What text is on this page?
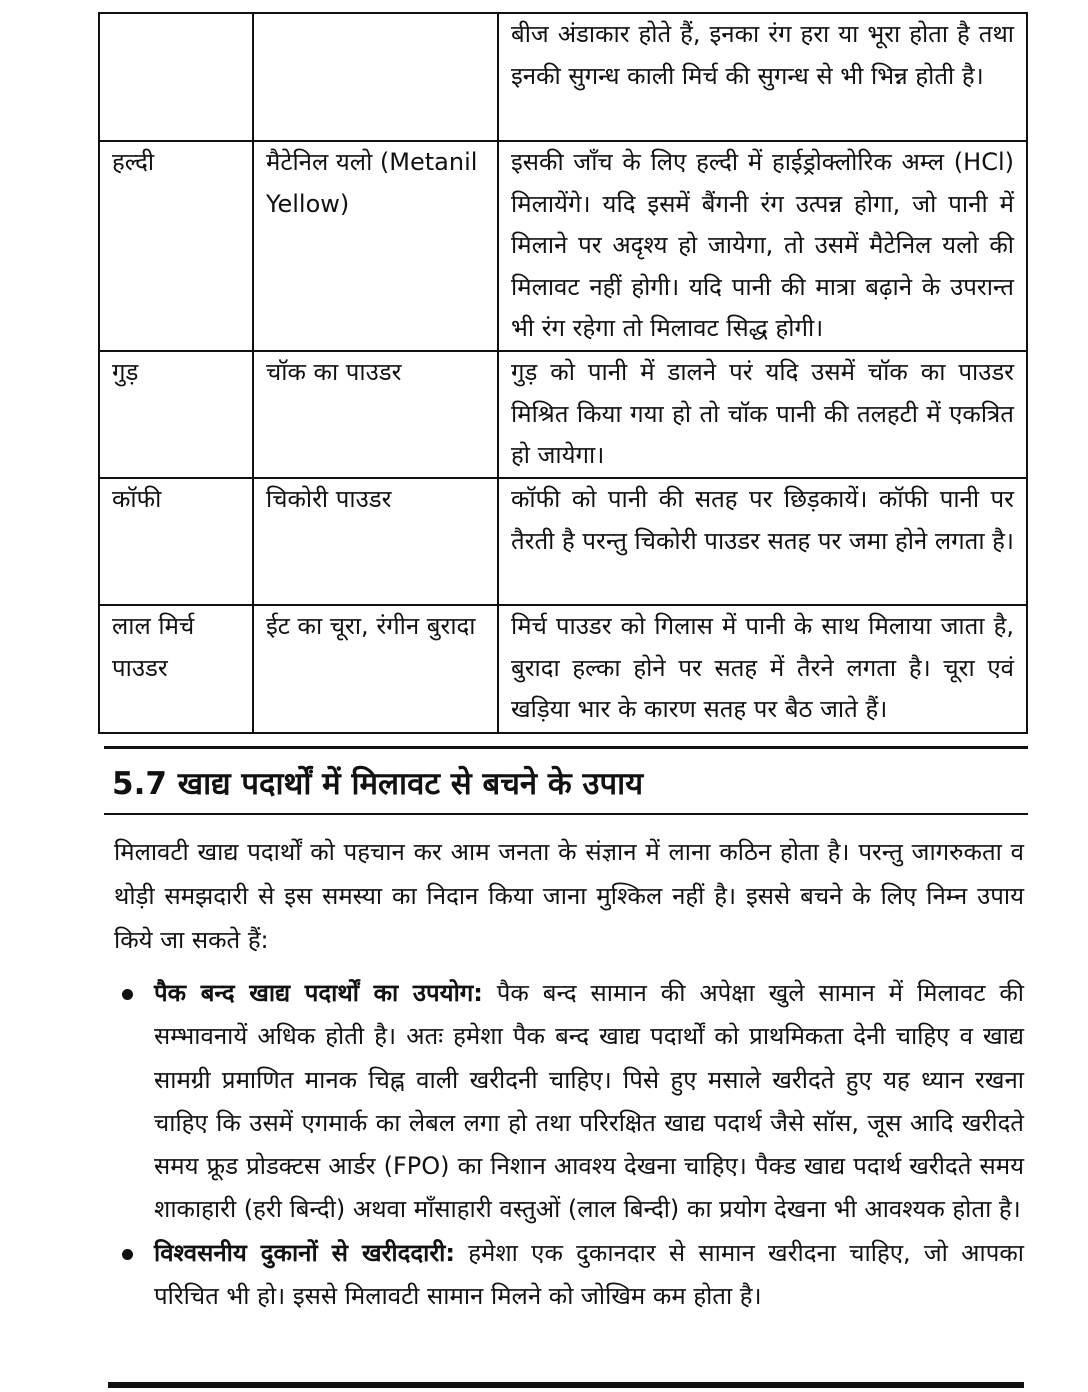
		बीज अंडाकार होते हैं, इनका रंग हरा या भूरा होता है तथा इनकी सुगन्ध काली मिर्च की सुगन्ध से भी भिन्न होती है।
हल्दी	मैटेनिल यलो (Metanil Yellow)	इसकी जाँच के लिए हल्दी में हाईड्रोक्लोरिक अम्ल (HCl) मिलायेंगे। यदि इसमें बैंगनी रंग उत्पन्न होगा, जो पानी में मिलाने पर अदृश्य हो जायेगा, तो उसमें मैटेनिल यलो की मिलावट नहीं होगी। यदि पानी की मात्रा बढ़ाने के उपरान्त भी रंग रहेगा तो मिलावट सिद्ध होगी।
गुड़	चॉक का पाउडर	गुड़ को पानी में डालने परं यदि उसमें चॉक का पाउडर मिश्रित किया गया हो तो चॉक पानी की तलहटी में एकत्रित हो जायेगा।
कॉफी	चिकोरी पाउडर	कॉफी को पानी की सतह पर छिड़कायें। कॉफी पानी पर तैरती है परन्तु चिकोरी पाउडर सतह पर जमा होने लगता है।
लाल मिर्च पाउडर	ईट का चूरा, रंगीन बुरादा	मिर्च पाउडर को गिलास में पानी के साथ मिलाया जाता है, बुरादा हल्का होने पर सतह में तैरने लगता है। चूरा एवं खड़िया भार के कारण सतह पर बैठ जाते हैं।
5.7 खाद्य पदार्थों में मिलावट से बचने के उपाय

मिलावटी खाद्य पदार्थों को पहचान कर आम जनता के संज्ञान में लाना कठिन होता है। परन्तु जागरुकता व थोड़ी समझदारी से इस समस्या का निदान किया जाना मुश्किल नहीं है। इससे बचने के लिए निम्न उपाय किये जा सकते हैं:

पैक बन्द खाद्य पदार्थों का उपयोग: पैक बन्द सामान की अपेक्षा खुले सामान में मिलावट की सम्भावनायें अधिक होती है। अतः हमेशा पैक बन्द खाद्य पदार्थों को प्राथमिकता देनी चाहिए व खाद्य सामग्री प्रमाणित मानक चिह्न वाली खरीदनी चाहिए। पिसे हुए मसाले खरीदते हुए यह ध्यान रखना चाहिए कि उसमें एगमार्क का लेबल लगा हो तथा परिरक्षित खाद्य पदार्थ जैसे सॉस, जूस आदि खरीदते समय फ्रूड प्रोडक्टस आर्डर (FPO) का निशान आवश्य देखना चाहिए। पैक्ड खाद्य पदार्थ खरीदते समय शाकाहारी (हरी बिन्दी) अथवा माँसाहारी वस्तुओं (लाल बिन्दी) का प्रयोग देखना भी आवश्यक होता है।
विश्वसनीय दुकानों से खरीददारी: हमेशा एक दुकानदार से सामान खरीदना चाहिए, जो आपका परिचित भी हो। इससे मिलावटी सामान मिलने को जोखिम कम होता है।
